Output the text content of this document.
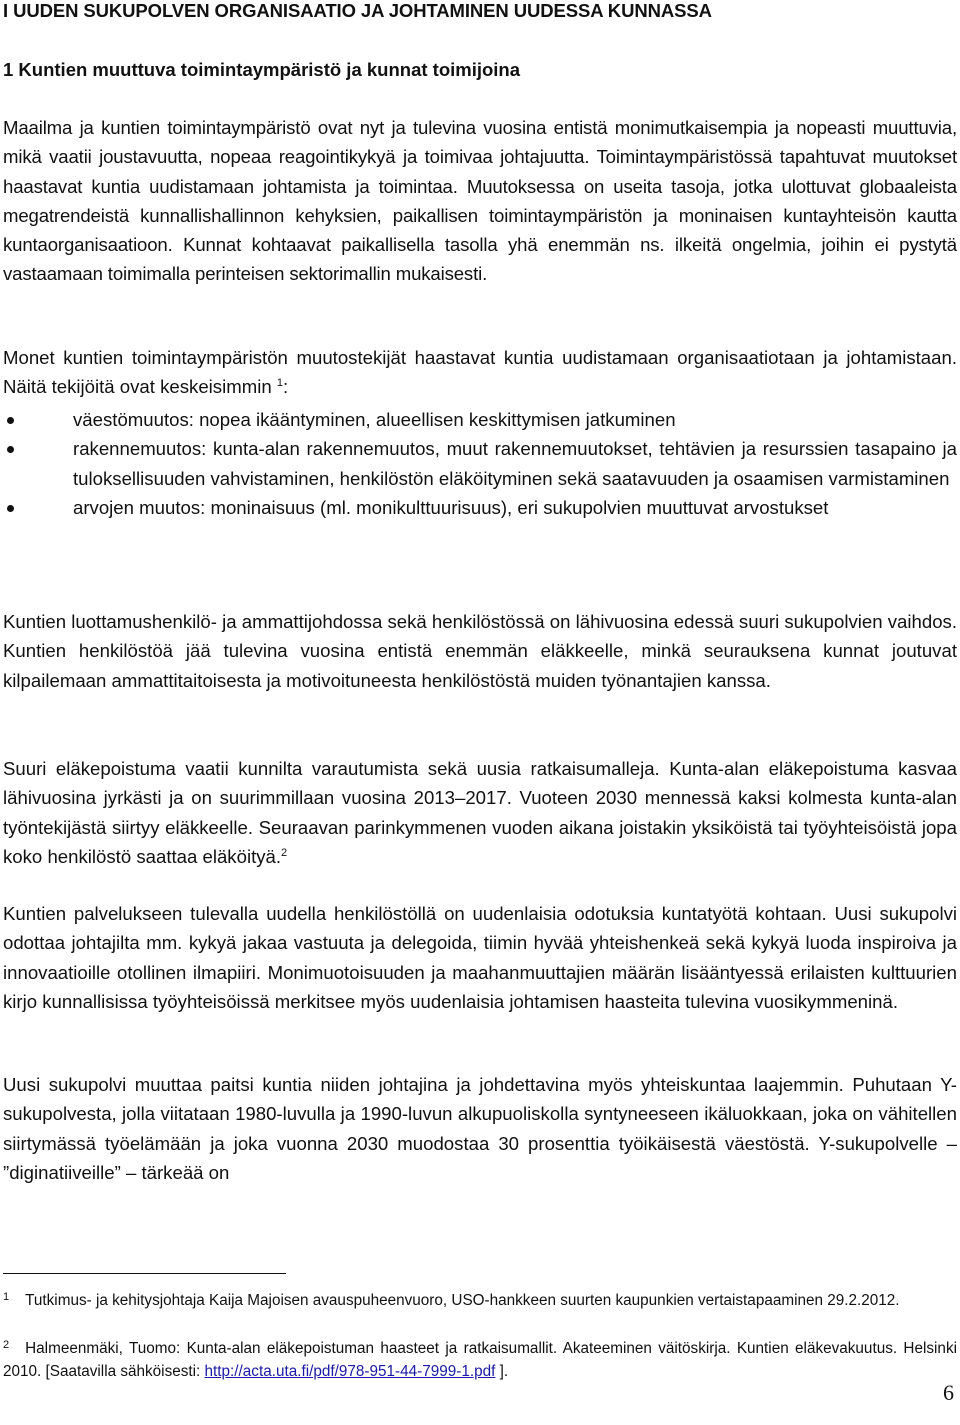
I UUDEN SUKUPOLVEN ORGANISAATIO JA JOHTAMINEN UUDESSA KUNNASSA
1 Kuntien muuttuva toimintaympäristö ja kunnat toimijoina

Maailma ja kuntien toimintaympäristö ovat nyt ja tulevina vuosina entistä monimutkaisempia ja nopeasti muuttuvia, mikä vaatii joustavuutta, nopeaa reagointikykyä ja toimivaa johtajuutta. Toimintaympäristössä tapahtuvat muutokset haastavat kuntia uudistamaan johtamista ja toimintaa. Muutoksessa on useita tasoja, jotka ulottuvat globaaleista megatrendeistä kunnallishallinnon kehyksien, paikallisen toimintaympäristön ja moninaisen kuntayhteisön kautta kuntaorganisaatioon. Kunnat kohtaavat paikallisella tasolla yhä enemmän ns. ilkeitä ongelmia, joihin ei pystytä vastaamaan toimimalla perinteisen sektorimallin mukaisesti.

Monet kuntien toimintaympäristön muutostekijät haastavat kuntia uudistamaan organisaatiotaan ja johtamistaan. Näitä tekijöitä ovat keskeisimmin $^1$:

väestömuutos: nopea ikääntyminen, alueellisen keskittymisen jatkuminen
rakennemuutos: kunta-alan rakennemuutos, muut rakennemuutokset, tehtävien ja resurssien tasapaino ja tuloksellisuuden vahvistaminen, henkilöstön eläköityminen sekä saatavuuden ja osaamisen varmistaminen
arvojen muutos: moninaisuus (ml. monikulttuurisuus), eri sukupolvien muuttuvat arvostukset

Kuntien luottamushenkilö- ja ammattijohdossa sekä henkilöstössä on lähivuosina edessä suuri sukupolvien vaihdos. Kuntien henkilöstöä jää tulevina vuosina entistä enemmän eläkkeelle, minkä seurauksena kunnat joutuvat kilpailemaan ammattitaitoisesta ja motivoituneesta henkilöstöstä muiden työnantajien kanssa.

Suuri eläkepoistuma vaatii kunnilta varautumista sekä uusia ratkaisumalleja. Kunta-alan eläkepoistuma kasvaa lähivuosina jyrkästi ja on suurimmillaan vuosina 2013–2017. Vuoteen 2030 mennessä kaksi kolmesta kunta-alan työntekijästä siirtyy eläkkeelle. Seuraavan parinkymmenen vuoden aikana joistakin yksiköistä tai työyhteisöistä jopa koko henkilöstö saattaa eläköityä.$^2$

Kuntien palvelukseen tulevalla uudella henkilöstöllä on uudenlaisia odotuksia kuntatyötä kohtaan. Uusi sukupolvi odottaa johtajilta mm. kykyä jakaa vastuuta ja delegoida, tiimin hyvää yhteishenkeä sekä kykyä luoda inspiroiva ja innovaatioille otollinen ilmapiiri. Monimuotoisuuden ja maahanmuuttajien määrän lisääntyessä erilaisten kulttuurien kirjo kunnallisissa työyhteisöissä merkitsee myös uudenlaisia johtamisen haasteita tulevina vuosikymmeninä.

Uusi sukupolvi muuttaa paitsi kuntia niiden johtajina ja johdettavina myös yhteiskuntaa laajemmin. Puhutaan Y-sukupolvesta, jolla viitataan 1980-luvulla ja 1990-luvun alkupuoliskolla syntyneeseen ikäluokkaan, joka on vähitellen siirtymässä työelämään ja joka vuonna 2030 muodostaa 30 prosenttia työikäisestä väestöstä. Y-sukupolvelle – ”diginatiiveille” – tärkeää on

$^1$ Tutkimus- ja kehitysjohtaja Kaija Majoisen avauspuheenvuoro, USO-hankkeen suurten kaupunkien vertaistapaaminen 29.2.2012.

$^2$ Halmeenmäki, Tuomo: Kunta-alan eläkepoistuman haasteet ja ratkaisumallit. Akateeminen väitöskirja. Kuntien eläkevakuutus. Helsinki 2010. [Saatavilla sähköisesti: http://acta.uta.fi/pdf/978-951-44-7999-1.pdf ].

6
